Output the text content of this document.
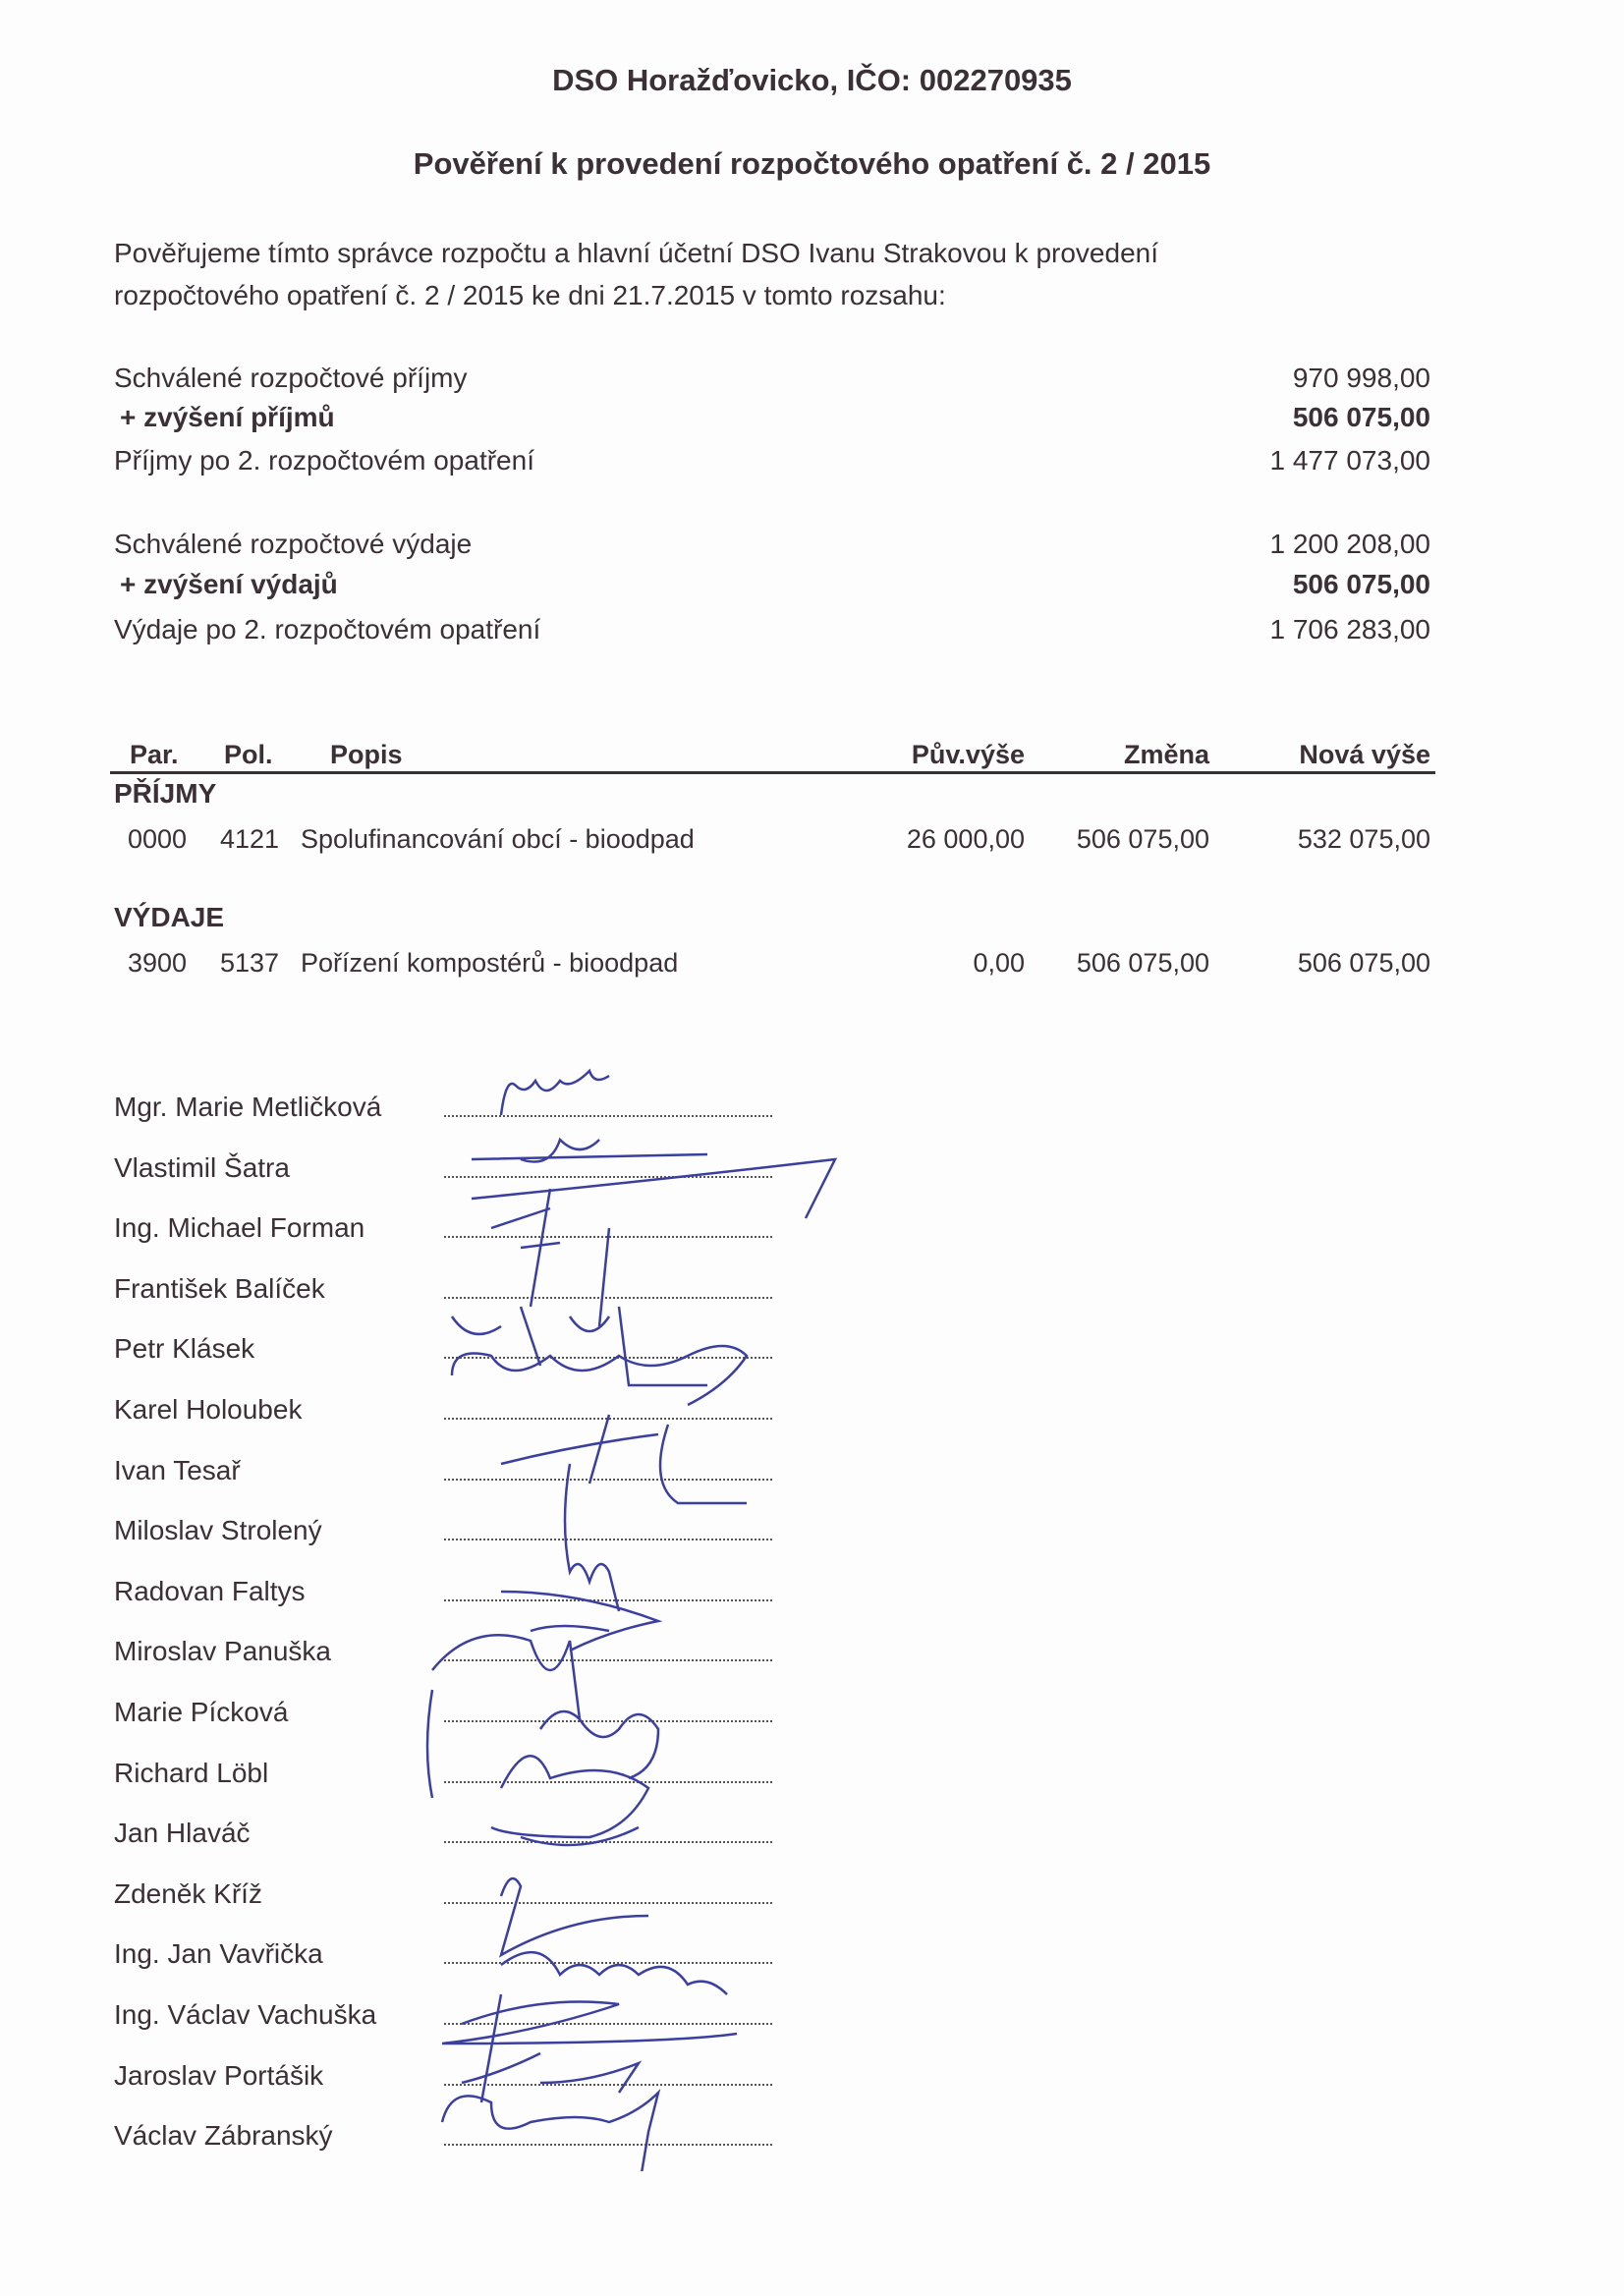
DSO Horažďovicko, IČO: 002270935
Pověření k provedení rozpočtového opatření č. 2 / 2015
Pověřujeme tímto správce rozpočtu a hlavní účetní DSO Ivanu Strakovou k provedení
rozpočtového opatření č. 2 / 2015 ke dni 21.7.2015 v tomto rozsahu:
Schválené rozpočtové příjmy	970 998,00
+ zvýšení příjmů	506 075,00
Příjmy po 2. rozpočtovém opatření	1 477 073,00
Schválené rozpočtové výdaje	1 200 208,00
+ zvýšení výdajů	506 075,00
Výdaje po 2. rozpočtovém opatření	1 706 283,00
Par. Pol. Popis	Pův.výše	Změna	Nová výše
PŘÍJMY
0000 4121 Spolufinancování obcí - bioodpad	26 000,00	506 075,00	532 075,00
VÝDAJE
3900 5137 Pořízení kompostérů - bioodpad	0,00	506 075,00	506 075,00
Mgr. Marie Metličková
Vlastimil Šatra
Ing. Michael Forman
František Balíček
Petr Klásek
Karel Holoubek
Ivan Tesař
Miloslav Strolený
Radovan Faltys
Miroslav Panuška
Marie Pícková
Richard Löbl
Jan Hlaváč
Zdeněk Kříž
Ing. Jan Vavřička
Ing. Václav Vachuška
Jaroslav Portášik
Václav Zábranský
